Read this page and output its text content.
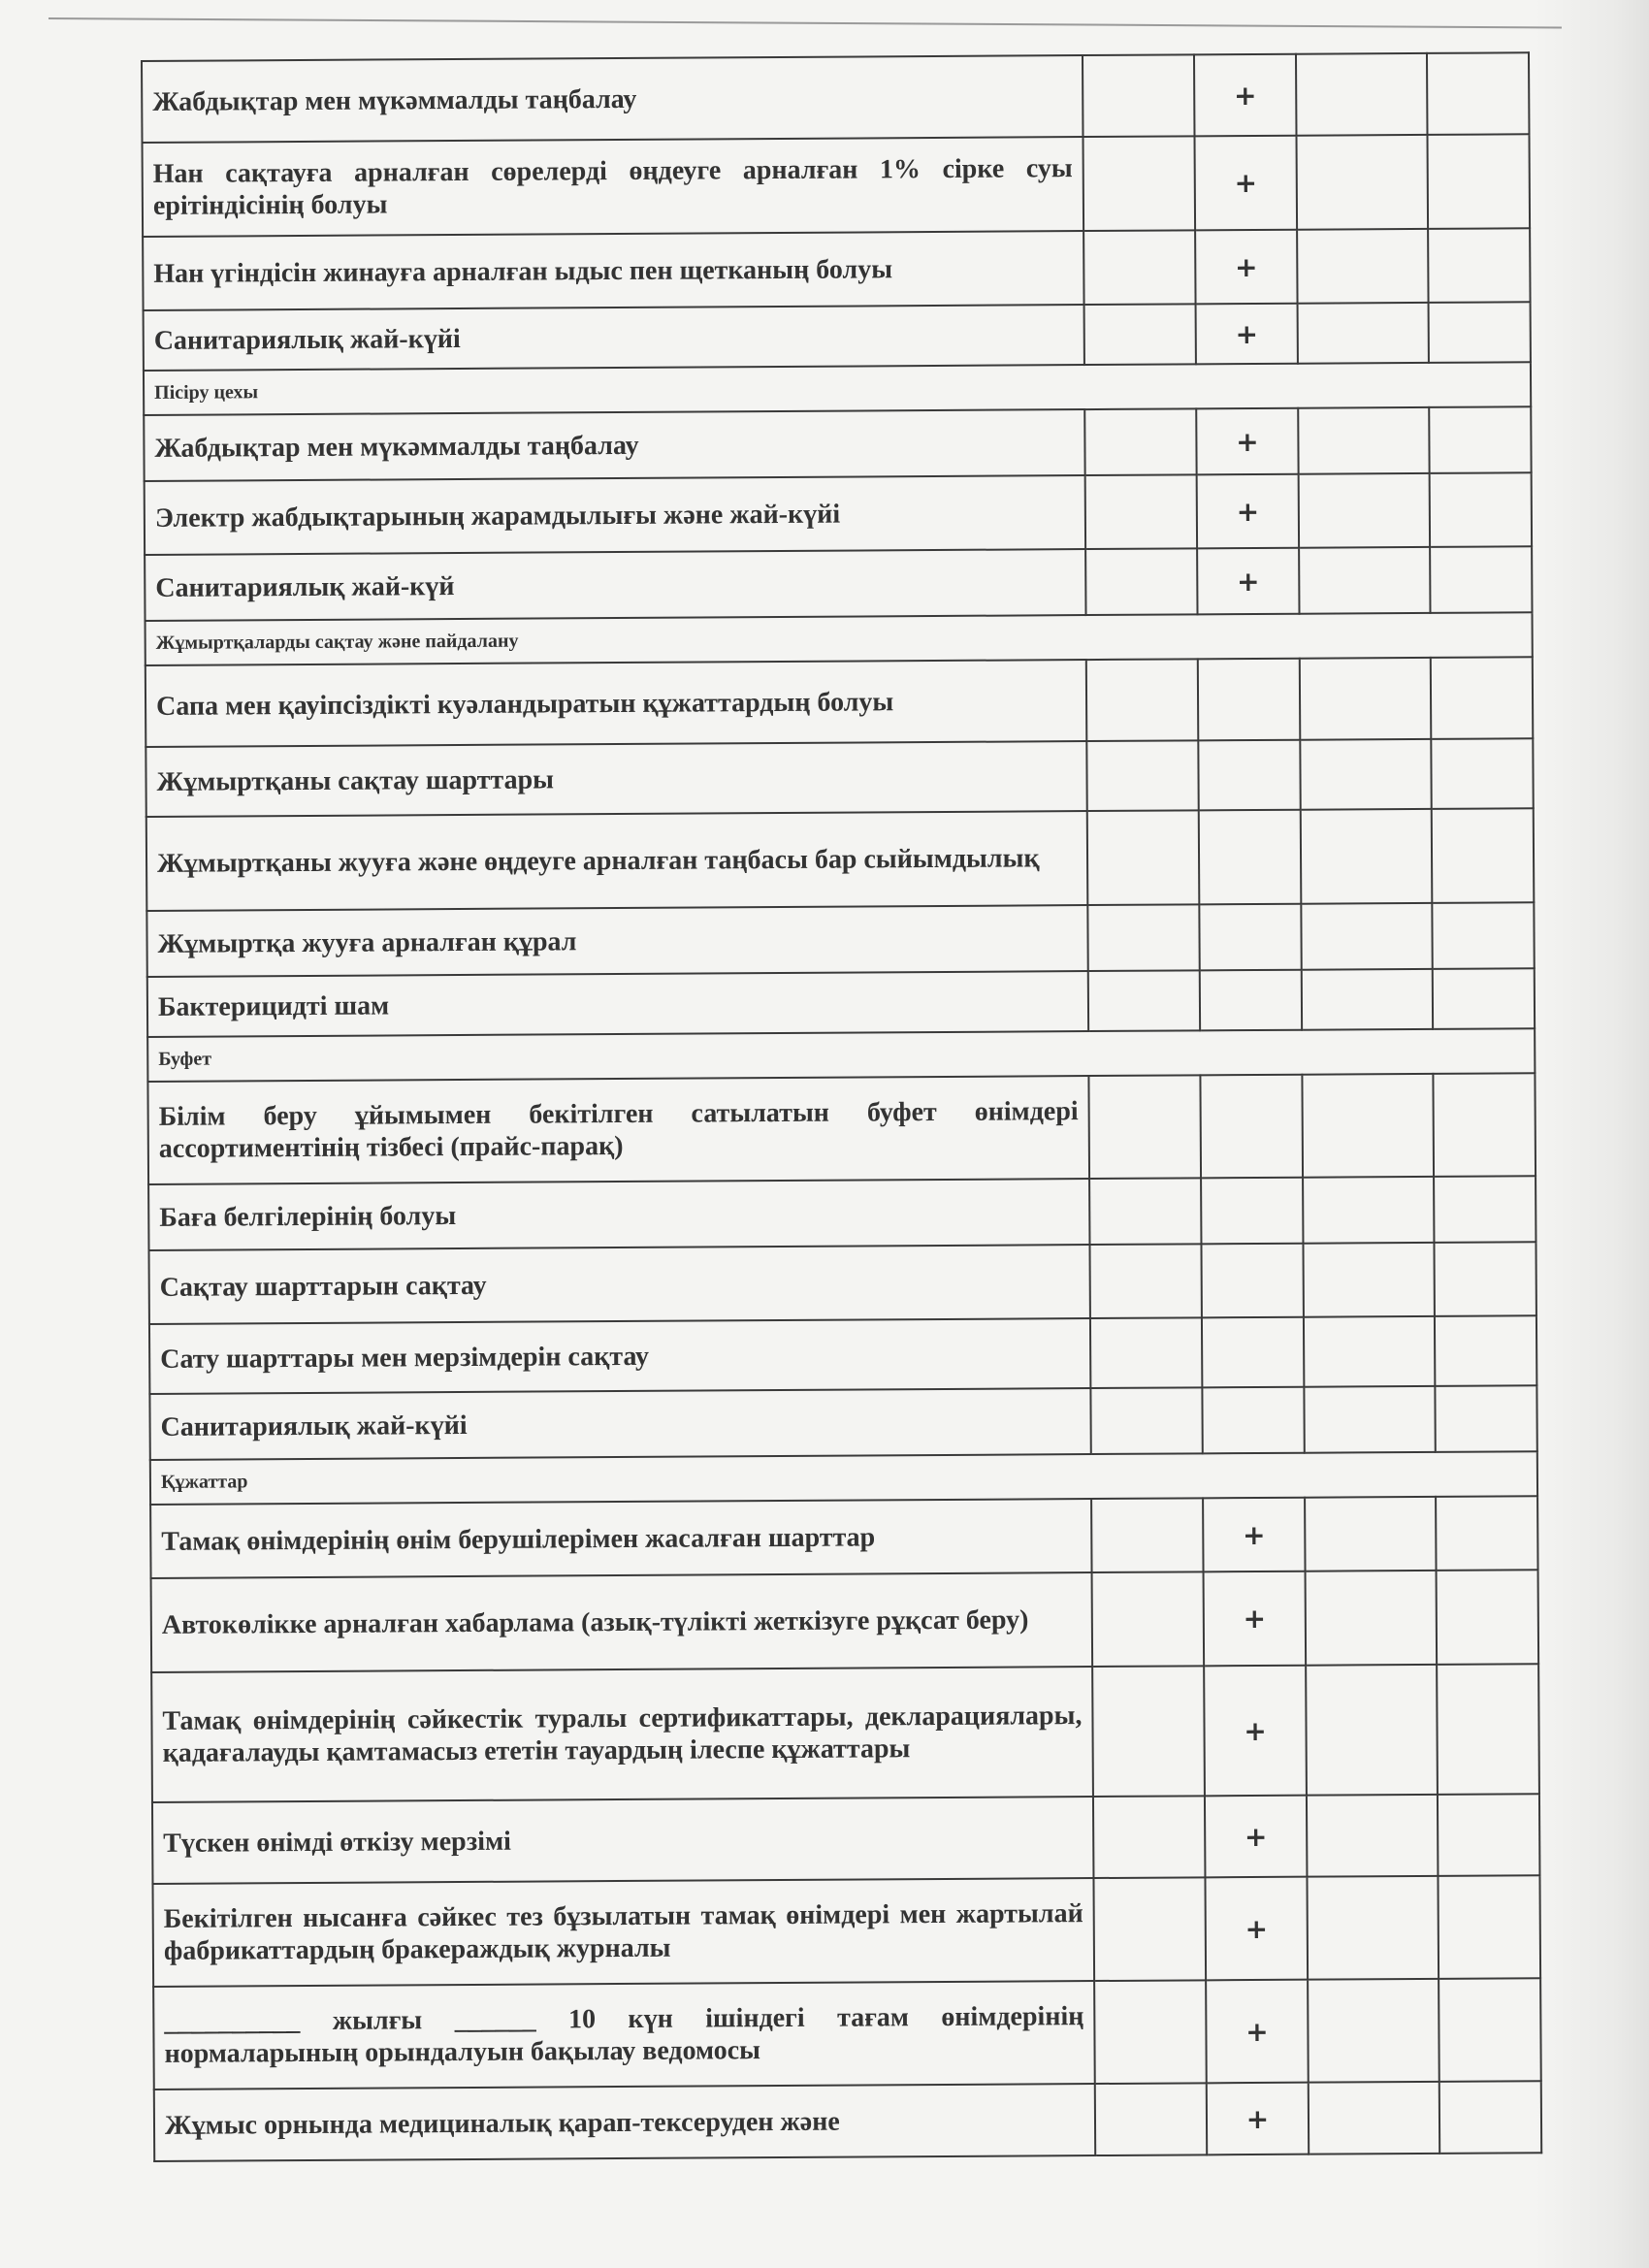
Жабдықтар мен мүкәммалды таңбалау		+		
Нан сақтауға арналған сөрелерді өңдеуге арналған 1% сірке суы ерітіндісінің болуы		+		
Нан үгіндісін жинауға арналған ыдыс пен щетканың болуы		+		
Санитариялық жай-күйі		+		
Пісіру цехы				
Жабдықтар мен мүкәммалды таңбалау		+		
Электр жабдықтарының жарамдылығы және жай-күйі		+		
Санитариялық жай-күй		+		
Жұмыртқаларды сақтау және пайдалану				
Сапа мен қауіпсіздікті куәландыратын құжаттардың болуы				
Жұмыртқаны сақтау шарттары				
Жұмыртқаны жууға және өңдеуге арналған таңбасы бар сыйымдылық				
Жұмыртқа жууға арналған құрал				
Бактерицидті шам				
Буфет				
Білім беру ұйымымен бекітілген сатылатын буфет өнімдері ассортиментінің тізбесі (прайс-парақ)				
Баға белгілерінің болуы				
Сақтау шарттарын сақтау				
Сату шарттары мен мерзімдерін сақтау				
Санитариялық жай-күйі				
Құжаттар				
Тамақ өнімдерінің өнім берушілерімен жасалған шарттар		+		
Автокөлікке арналған хабарлама (азық-түлікті жеткізуге рұқсат беру)		+		
Тамақ өнімдерінің сәйкестік туралы сертификаттары, декларациялары, қадағалауды қамтамасыз ететін тауардың ілеспе құжаттары		+		
Түскен өнімді өткізу мерзімі		+		
Бекітілген нысанға сәйкес тез бұзылатын тамақ өнімдері мен жартылай фабрикаттардың бракераждық журналы		+		
__________ жылғы ______ 10 күн ішіндегі тағам өнімдерінің нормаларының орындалуын бақылау ведомосы		+		
Жұмыс орнында медициналық қарап-тексеруден және		+		
